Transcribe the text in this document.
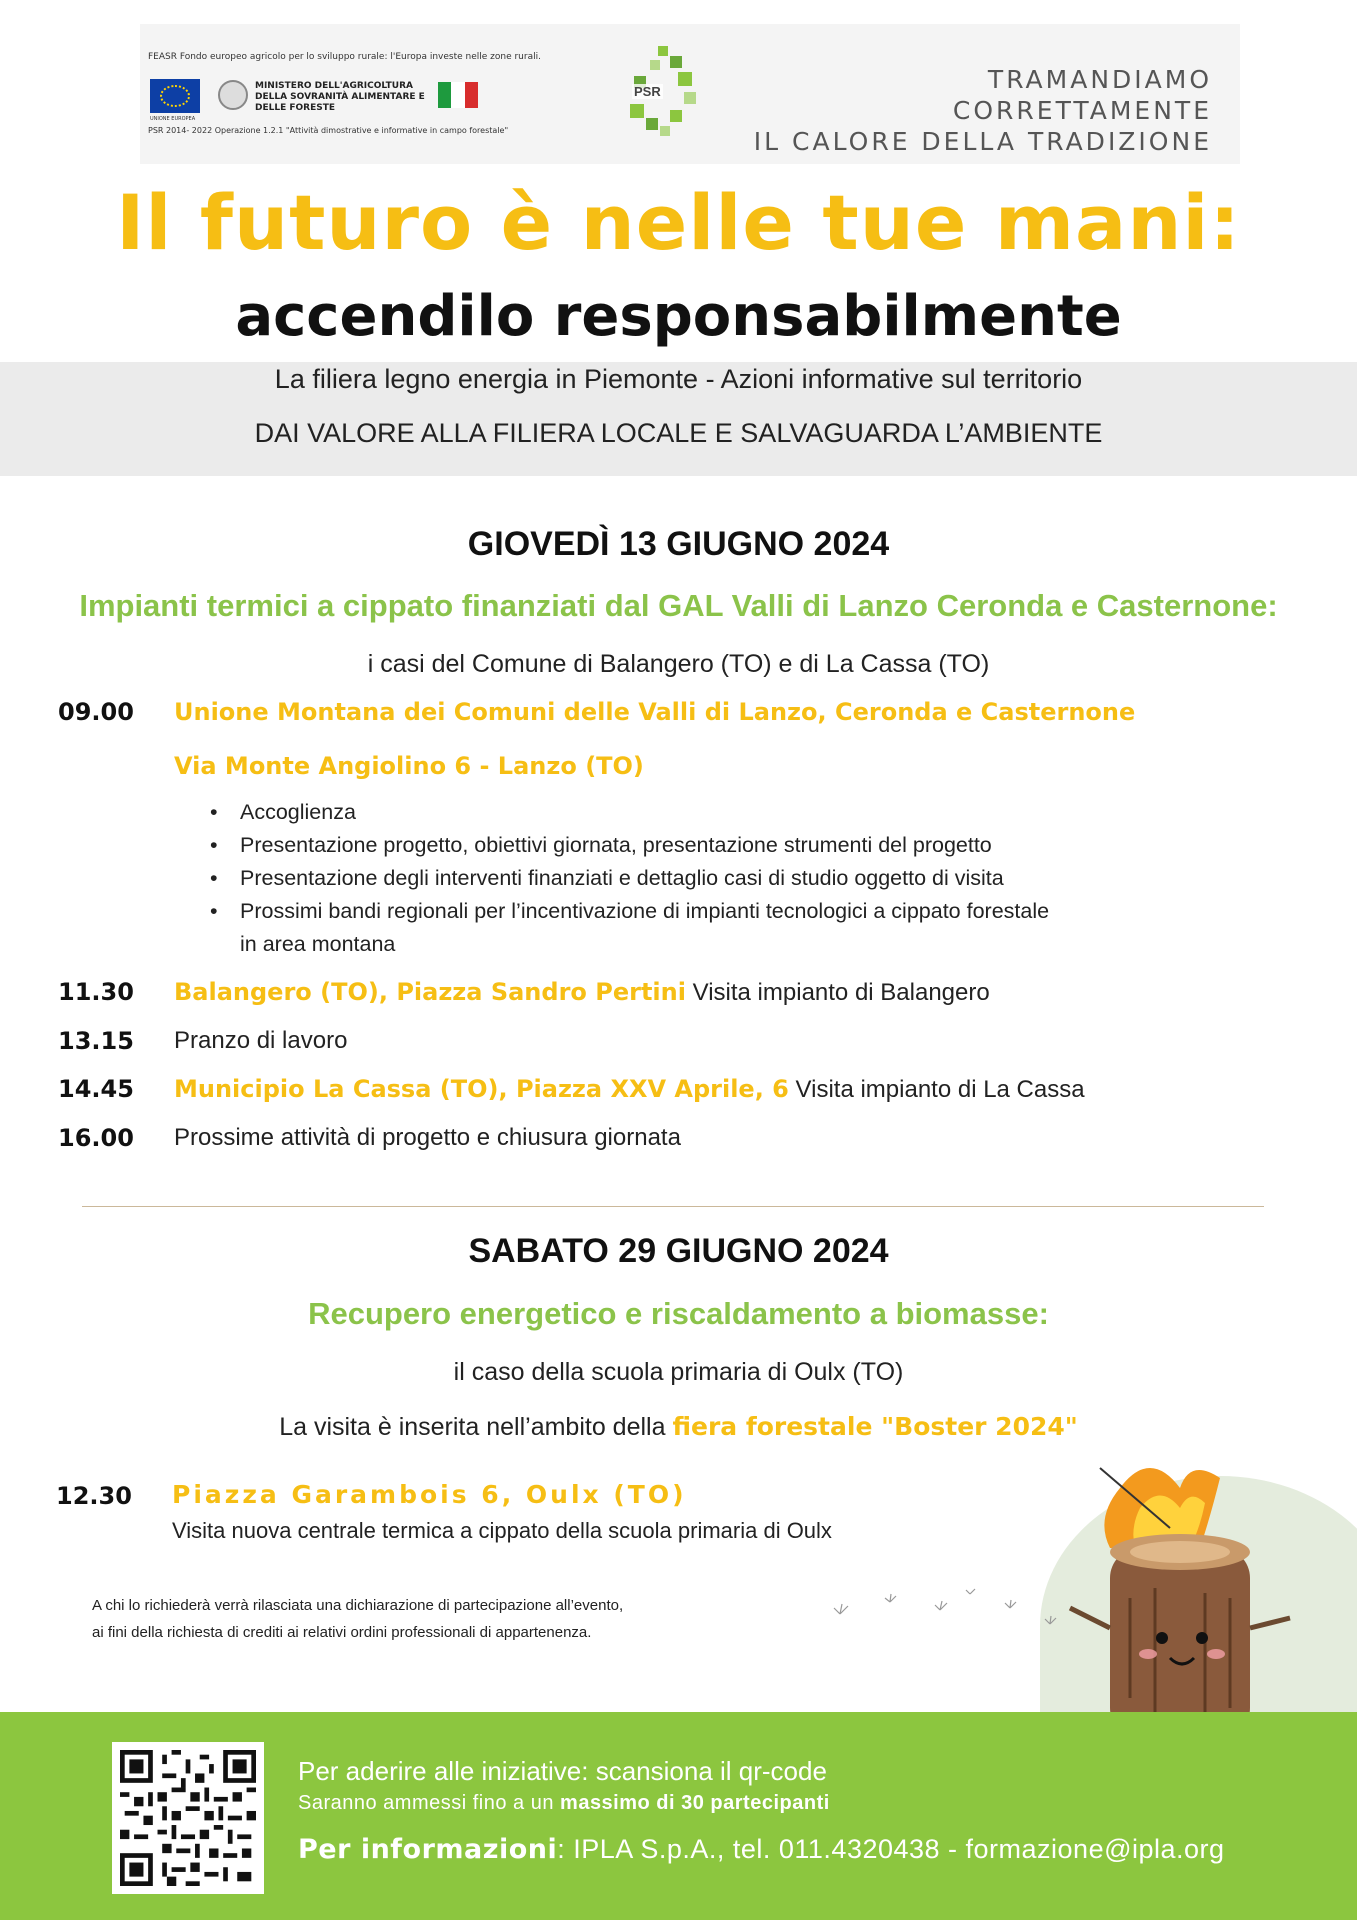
FEASR Fondo europeo agricolo per lo sviluppo rurale: l'Europa investe nelle zone rurali.
UNIONE EUROPEA
MINISTERO DELL'AGRICOLTURA DELLA SOVRANITÀ ALIMENTARE E DELLE FORESTE
PSR 2014- 2022 Operazione 1.2.1 "Attività dimostrative e informative in campo forestale"
PSR	TRAMANDIAMO CORRETTAMENTE
IL CALORE DELLA TRADIZIONE
Il futuro è nelle tue mani:
accendilo responsabilmente
La filiera legno energia in Piemonte - Azioni informative sul territorio
DAI VALORE ALLA FILIERA LOCALE E SALVAGUARDA L’AMBIENTE
GIOVEDÌ 13 GIUGNO 2024
Impianti termici a cippato finanziati dal GAL Valli di Lanzo Ceronda e Casternone:
i casi del Comune di Balangero (TO) e di La Cassa (TO)
09.00 Unione Montana dei Comuni delle Valli di Lanzo, Ceronda e Casternone
Via Monte Angiolino 6 - Lanzo (TO)
• Accoglienza
• Presentazione progetto, obiettivi giornata, presentazione strumenti del progetto
• Presentazione degli interventi finanziati e dettaglio casi di studio oggetto di visita
• Prossimi bandi regionali per l’incentivazione di impianti tecnologici a cippato forestale
in area montana
11.30 Balangero (TO), Piazza Sandro Pertini Visita impianto di Balangero
13.15 Pranzo di lavoro
14.45 Municipio La Cassa (TO), Piazza XXV Aprile, 6 Visita impianto di La Cassa
16.00 Prossime attività di progetto e chiusura giornata
SABATO 29 GIUGNO 2024
Recupero energetico e riscaldamento a biomasse:
il caso della scuola primaria di Oulx (TO)
La visita è inserita nell’ambito della fiera forestale "Boster 2024"
12.30 Piazza Garambois 6, Oulx (TO)
Visita nuova centrale termica a cippato della scuola primaria di Oulx
A chi lo richiederà verrà rilasciata una dichiarazione di partecipazione all’evento,
ai fini della richiesta di crediti ai relativi ordini professionali di appartenenza.
Per aderire alle iniziative: scansiona il qr-code
Saranno ammessi fino a un massimo di 30 partecipanti
Per informazioni: IPLA S.p.A., tel. 011.4320438 - formazione@ipla.org
